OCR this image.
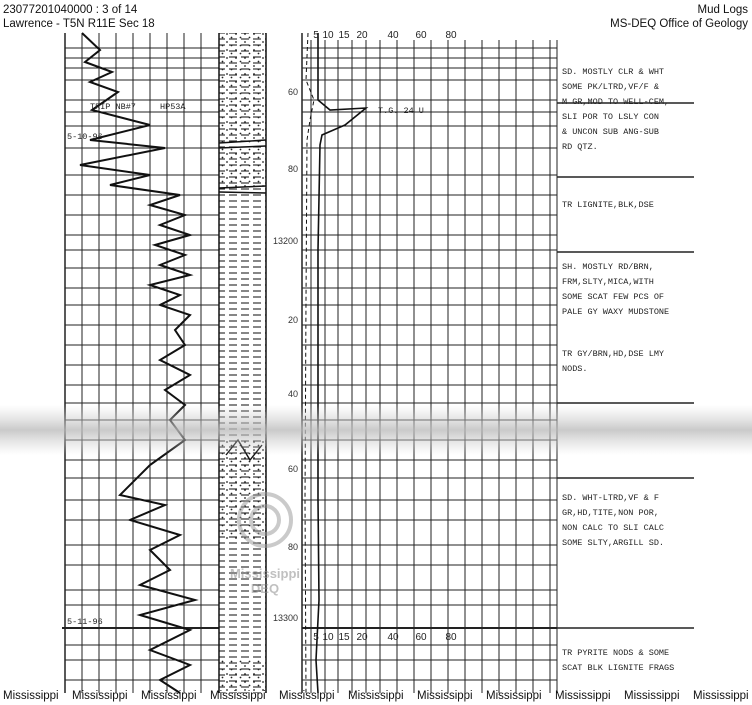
23077201040000 : 3 of 14
Lawrence - T5N R11E Sec 18
Mud Logs
MS-DEQ Office of Geology
5 10 15 20 40 60 80
5 10 15 20 40 60 80
60
80
13200
20
40
60
80
13300
TRIP NB#7	HP53A
5-10-96
5-11-96
T.G. 24 U
SD. MOSTLY CLR & WHT
SOME PK/LTRD,VF/F &
M GR,MOD TO WELL-CEM,
SLI POR TO LSLY CON
& UNCON SUB ANG-SUB
RD QTZ.
TR LIGNITE,BLK,DSE
SH. MOSTLY RD/BRN,
FRM,SLTY,MICA,WITH
SOME SCAT FEW PCS OF
PALE GY WAXY MUDSTONE
TR GY/BRN,HD,DSE LMY
NODS.
SD. WHT-LTRD,VF & F
GR,HD,TITE,NON POR,
NON CALC TO SLI CALC
SOME SLTY,ARGILL SD.
TR PYRITE NODS & SOME
SCAT BLK LIGNITE FRAGS
Mississippi
DEQ
Mississippi Mississippi Mississippi Mississippi Mississippi Mississippi Mississippi Mississippi Mississippi Mississippi Mississippi
